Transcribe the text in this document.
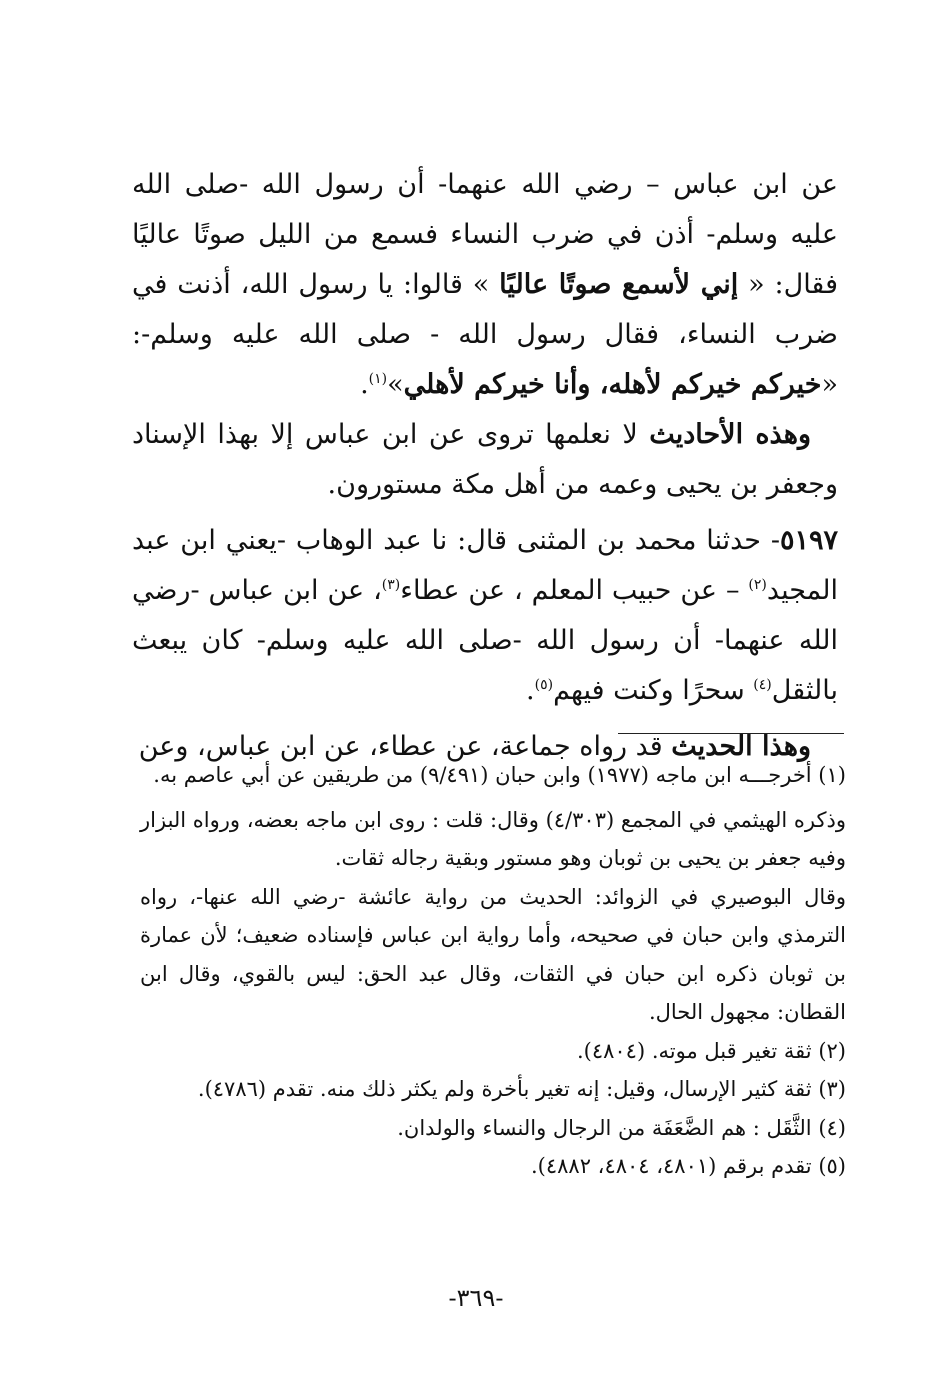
عن ابن عباس – رضي الله عنهما- أن رسول الله -صلى الله عليه وسلم- أذن في ضرب النساء فسمع من الليل صوتًا عاليًا فقال: « إني لأسمع صوتًا عاليًا » قالوا: يا رسول الله، أذنت في ضرب النساء، فقال رسول الله - صلى الله عليه وسلم-: «خيركم خيركم لأهله، وأنا خيركم لأهلي»$^{(١)}$.

 وهذه الأحاديث لا نعلمها تروى عن ابن عباس إلا بهذا الإسناد وجعفر بن يحيى وعمه من أهل مكة مستورون.

٥١٩٧- حدثنا محمد بن المثنى قال: نا عبد الوهاب -يعني ابن عبد المجيد$^{(٢)}$ – عن حبيب المعلم ، عن عطاء$^{(٣)}$، عن ابن عباس -رضي الله عنهما- أن رسول الله -صلى الله عليه وسلم- كان يبعث بالثقل$^{(٤)}$ سحرًا وكنت فيهم$^{(٥)}$.

 وهذا الحديث قد رواه جماعة، عن عطاء، عن ابن عباس، وعن

(١) أخرجـــه ابن ماجه (١٩٧٧) وابن حبان (٩/٤٩١) من طريقين عن أبي عاصم به.

وذكره الهيثمي في المجمع (٤/٣٠٣) وقال: قلت : روى ابن ماجه بعضه، ورواه البزار وفيه جعفر بن يحيى بن ثوبان وهو مستور وبقية رجاله ثقات.

وقال البوصيري في الزوائد: الحديث من رواية عائشة -رضي الله عنها-، رواه الترمذي وابن حبان في صحيحه، وأما رواية ابن عباس فإسناده ضعيف؛ لأن عمارة بن ثوبان ذكره ابن حبان في الثقات، وقال عبد الحق: ليس بالقوي، وقال ابن القطان: مجهول الحال.

(٢) ثقة تغير قبل موته. (٤٨٠٤).

(٣) ثقة كثير الإرسال، وقيل: إنه تغير بأخرة ولم يكثر ذلك منه. تقدم (٤٧٨٦).

(٤) الثَّقَل : هم الضَّعَفَة من الرجال والنساء والولدان.

(٥) تقدم برقم (٤٨٠١، ٤٨٠٤، ٤٨٨٢).

-٣٦٩-
